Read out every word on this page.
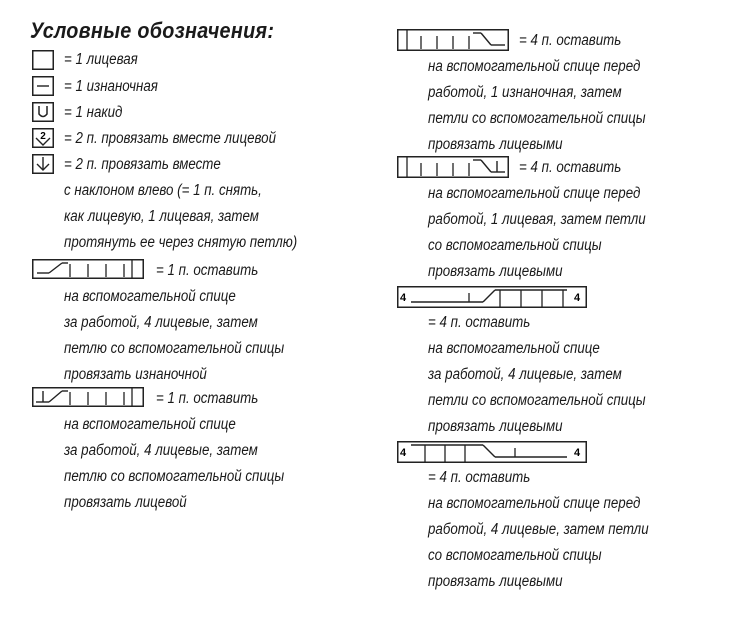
Условные обозначения:
= 1 лицевая
= 1 изнаночная
= 1 накид
2 = 2 п. провязать вместе лицевой
= 2 п. провязать вместе
с наклоном влево (= 1 п. снять,
как лицевую, 1 лицевая, затем
протянуть ее через снятую петлю)
= 1 п. оставить
на вспомогательной спице
за работой, 4 лицевые, затем
петлю со вспомогательной спицы
провязать изнаночной
= 1 п. оставить
на вспомогательной спице
за работой, 4 лицевые, затем
петлю со вспомогательной спицы
провязать лицевой
= 4 п. оставить
на вспомогательной спице перед
работой, 1 изнаночная, затем
петли со вспомогательной спицы
провязать лицевыми
= 4 п. оставить
на вспомогательной спице перед
работой, 1 лицевая, затем петли
со вспомогательной спицы
провязать лицевыми
4	4
= 4 п. оставить
на вспомогательной спице
за работой, 4 лицевые, затем
петли со вспомогательной спицы
провязать лицевыми
4	4
= 4 п. оставить
на вспомогательной спице перед
работой, 4 лицевые, затем петли
со вспомогательной спицы
провязать лицевыми
